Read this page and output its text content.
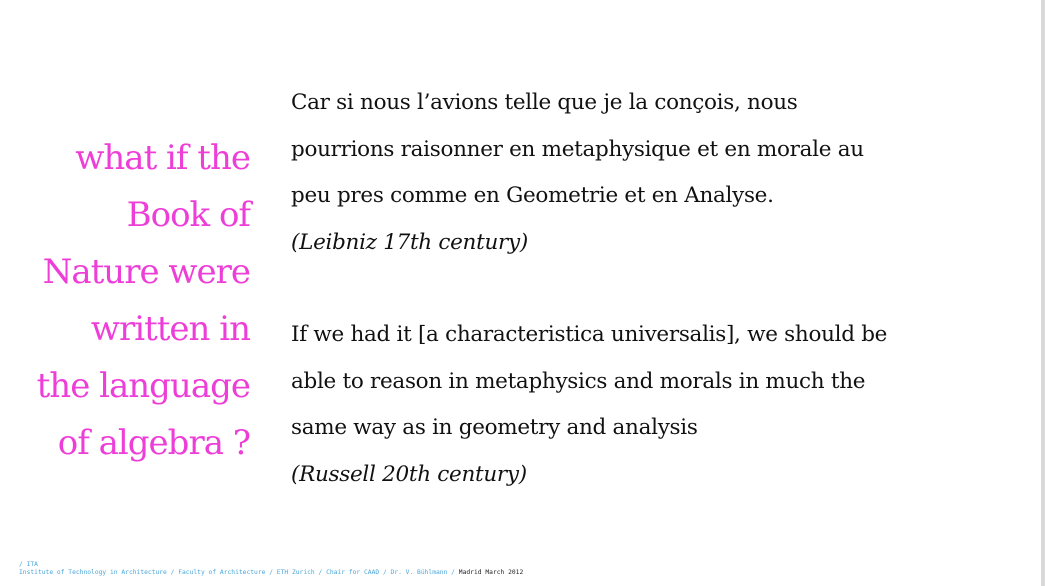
what if the
Book of
Nature were
written in
the language
of algebra ?
Car si nous l’avions telle que je la conçois, nous
pourrions raisonner en metaphysique et en morale au
peu pres comme en Geometrie et en Analyse.
(Leibniz 17th century)
If we had it [a characteristica universalis], we should be
able to reason in metaphysics and morals in much the
same way as in geometry and analysis
(Russell 20th century)
/ ITA
Institute of Technology in Architecture / Faculty of Architecture / ETH Zurich / Chair for CAAD / Dr. V. Bühlmann / Madrid March 2012
